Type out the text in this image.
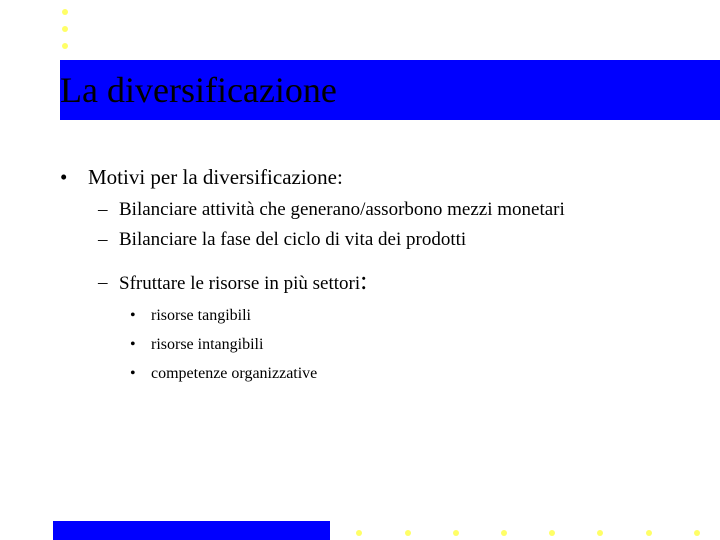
La diversificazione
• Motivi per la diversificazione:
– Bilanciare attività che generano/assorbono mezzi monetari
– Bilanciare la fase del ciclo di vita dei prodotti
– Sfruttare le risorse in più settori:
• risorse tangibili
• risorse intangibili
• competenze organizzative
